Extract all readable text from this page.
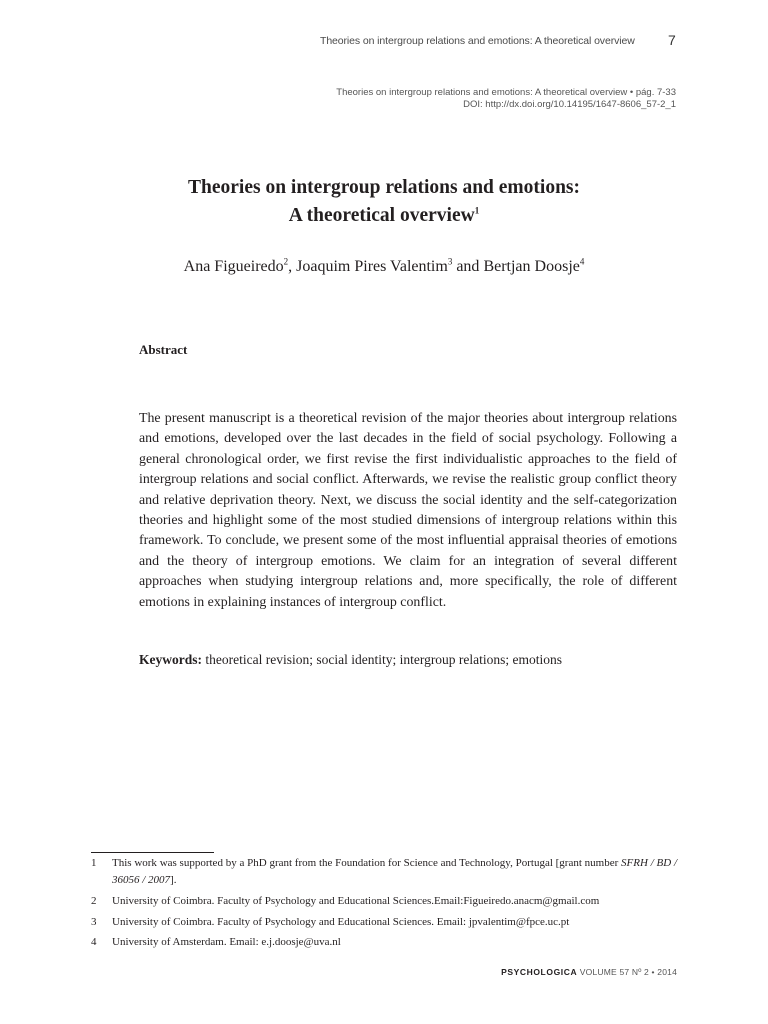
Theories on intergroup relations and emotions: A theoretical overview 7
Theories on intergroup relations and emotions: A theoretical overview • pág. 7-33
DOI: http://dx.doi.org/10.14195/1647-8606_57-2_1
Theories on intergroup relations and emotions:
A theoretical overview$^1$
Ana Figueiredo$^2$, Joaquim Pires Valentim$^3$ and Bertjan Doosje$^4$
Abstract
The present manuscript is a theoretical revision of the major theories about intergroup relations and emotions, developed over the last decades in the field of social psychology. Following a general chronological order, we first revise the first individualistic approaches to the field of intergroup relations and social conflict. Afterwards, we revise the realistic group conflict theory and relative deprivation theory. Next, we discuss the social identity and the self-categorization theories and highlight some of the most studied dimensions of intergroup relations within this framework. To conclude, we present some of the most influential appraisal theories of emotions and the theory of intergroup emotions. We claim for an integration of several different approaches when studying intergroup relations and, more specifically, the role of different emotions in explaining instances of intergroup conflict.
Keywords: theoretical revision; social identity; intergroup relations; emotions
1 This work was supported by a PhD grant from the Foundation for Science and Technology, Portugal [grant number SFRH / BD / 36056 / 2007].
2 University of Coimbra. Faculty of Psychology and Educational Sciences.Email:Figueiredo.anacm@gmail.com
3 University of Coimbra. Faculty of Psychology and Educational Sciences. Email: jpvalentim@fpce.uc.pt
4 University of Amsterdam. Email: e.j.doosje@uva.nl
PSYCHOLOGICA VOLUME 57 Nº 2 • 2014
